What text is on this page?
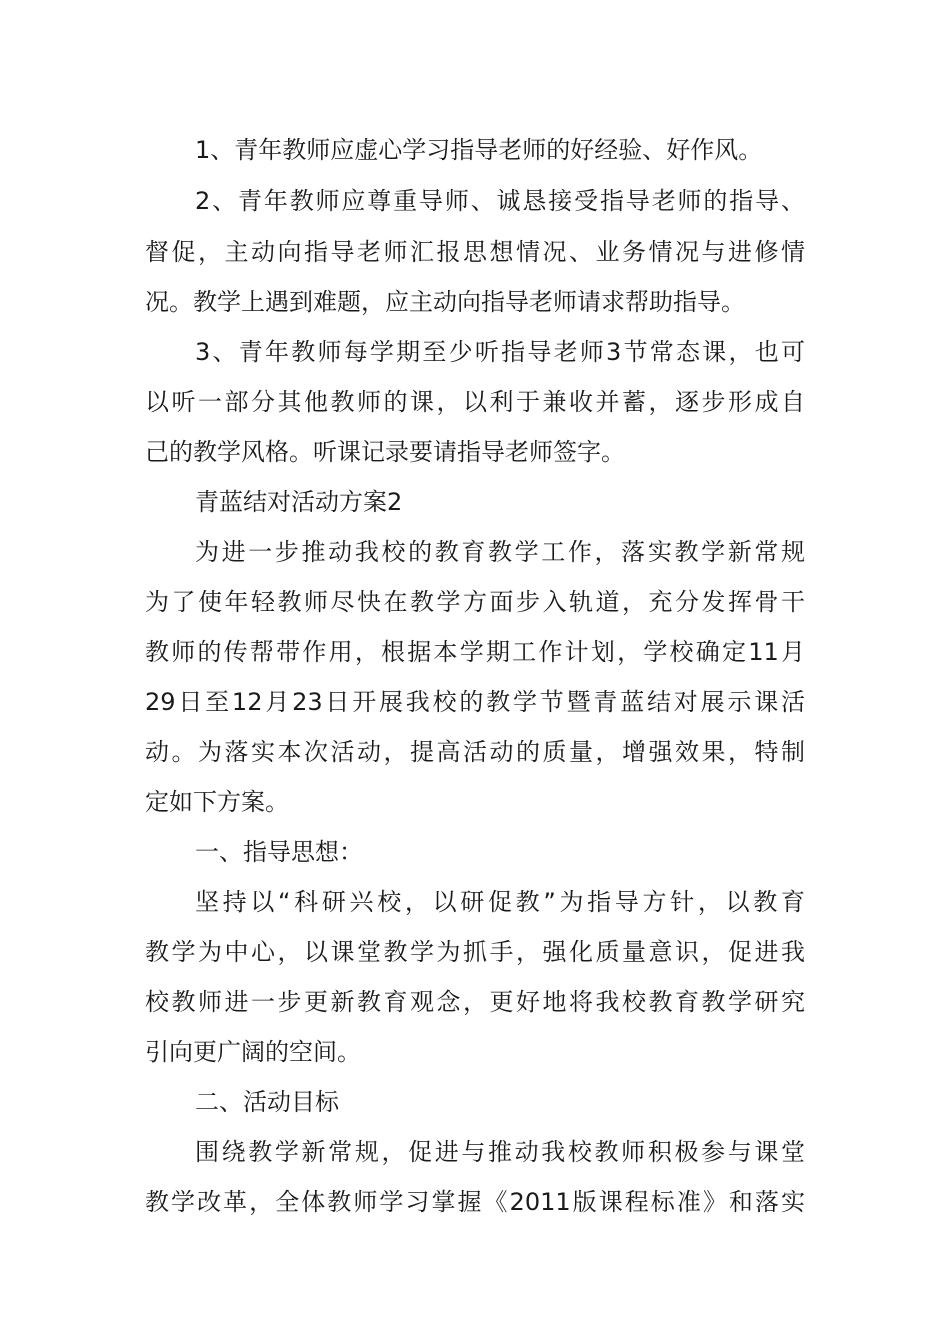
1、青年教师应虚心学习指导老师的好经验、好作风。
2、青年教师应尊重导师、诚恳接受指导老师的指导、
督促，主动向指导老师汇报思想情况、业务情况与进修情
况。教学上遇到难题，应主动向指导老师请求帮助指导。
3、青年教师每学期至少听指导老师3节常态课，也可
以听一部分其他教师的课，以利于兼收并蓄，逐步形成自
己的教学风格。听课记录要请指导老师签字。
青蓝结对活动方案2
为进一步推动我校的教育教学工作，落实教学新常规
为了使年轻教师尽快在教学方面步入轨道，充分发挥骨干
教师的传帮带作用，根据本学期工作计划，学校确定11月
29日至12月23日开展我校的教学节暨青蓝结对展示课活
动。为落实本次活动，提高活动的质量，增强效果，特制
定如下方案。
一、指导思想：
坚持以“科研兴校，以研促教”为指导方针，以教育
教学为中心，以课堂教学为抓手，强化质量意识，促进我
校教师进一步更新教育观念，更好地将我校教育教学研究
引向更广阔的空间。
二、活动目标
围绕教学新常规，促进与推动我校教师积极参与课堂
教学改革，全体教师学习掌握《2011版课程标准》和落实
